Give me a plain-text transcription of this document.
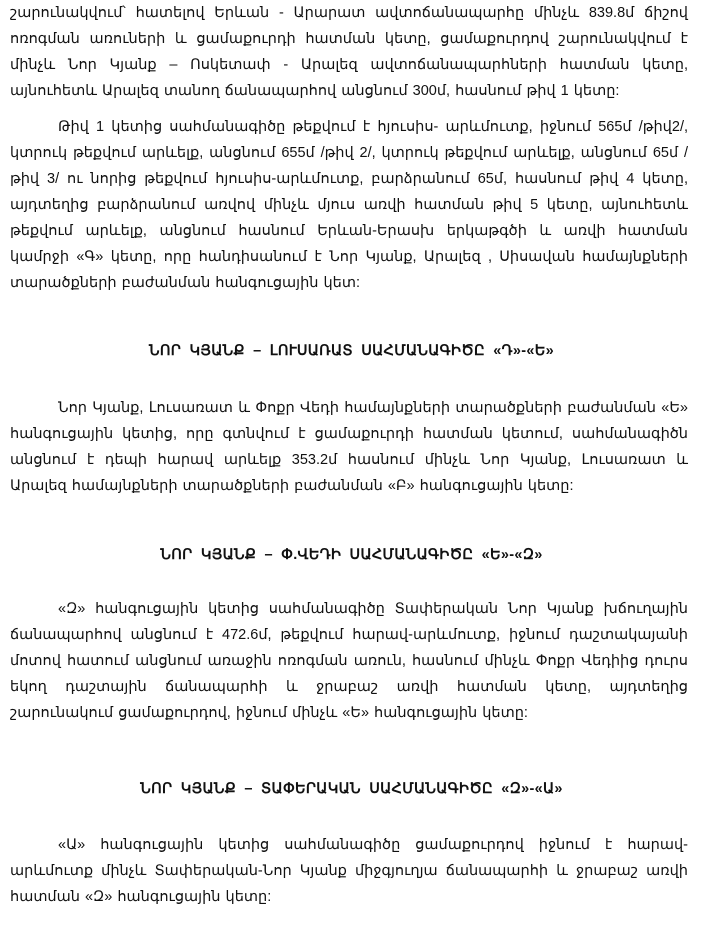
շարունակվում՝ հատելով Երևան - Արարատ ավտոճանապարհը մինչև 839.8մ ճիշով ոռոգման առուների և ցամաքուրդի հատման կետը, ցամաքուրդով շարունակվում է մինչև Նոր Կյանք – Ոսկետափ - Արալեզ ավտոճանապարհների հատման կետը, այնուհետև Արալեզ տանող ճանապարհով անցնում 300մ, հասնում թիվ 1 կետը:

Թիվ 1 կետից սահմանագիծը թեքվում է հյուսիս- արևմուտք, իջնում 565մ /թիվ2/, կտրուկ թեքվում արևելք, անցնում 655մ /թիվ 2/, կտրուկ թեքվում արևելք, անցնում 65մ /թիվ 3/ ու նորից թեքվում հյուսիս-արևմուտք, բարձրանում 65մ, հասնում թիվ 4 կետը, այդտեղից բարձրանում առվով մինչև մյուս առվի հատման թիվ 5 կետը, այնուհետև թեքվում արևելք, անցնում հասնում Երևան-Երասխ երկաթգծի և առվի հատման կամրջի «Գ» կետը, որը հանդիսանում է Նոր Կյանք, Արալեզ , Սիսավան համայնքների տարածքների բաժանման հանգուցային կետ:

ՆՈՐ ԿՅԱՆՔ – ԼՈՒՍԱՌԱՏ ՍԱՀՄԱՆԱԳԻԾԸ «Դ»-«Ե»

Նոր Կյանք, Լուսառատ և Փոքր Վեդի համայնքների տարածքների բաժանման «Ե» հանգուցային կետից, որը գտնվում է ցամաքուրդի հատման կետում, սահմանագիծն անցնում է դեպի հարավ արևելք 353.2մ հասնում մինչև Նոր Կյանք, Լուսառատ և Արալեզ համայնքների տարածքների բաժանման «Բ» հանգուցային կետը:

ՆՈՐ ԿՅԱՆՔ – Փ.ՎԵԴԻ ՍԱՀՄԱՆԱԳԻԾԸ «Ե»-«Զ»

«Զ» հանգուցային կետից սահմանագիծը Տափերական Նոր Կյանք խճուղային ճանապարհով անցնում է 472.6մ, թեքվում հարավ-արևմուտք, իջնում դաշտակայանի մոտով հատում անցնում առաջին ոռոգման առուն, հասնում մինչև Փոքր Վեդիից դուրս եկող դաշտային ճանապարհի և ջրաբաշ առվի հատման կետը, այդտեղից շարունակում ցամաքուրդով, իջնում մինչև «Ե» հանգուցային կետը:

ՆՈՐ ԿՅԱՆՔ – ՏԱՓԵՐԱԿԱՆ ՍԱՀՄԱՆԱԳԻԾԸ «Զ»-«Ա»

«Ա» հանգուցային կետից սահմանագիծը ցամաքուրդով իջնում է հարավ-արևմուտք մինչև Տափերական-Նոր Կյանք միջգյուղյա ճանապարհի և ջրաբաշ առվի հատման «Զ» հանգուցային կետը:
